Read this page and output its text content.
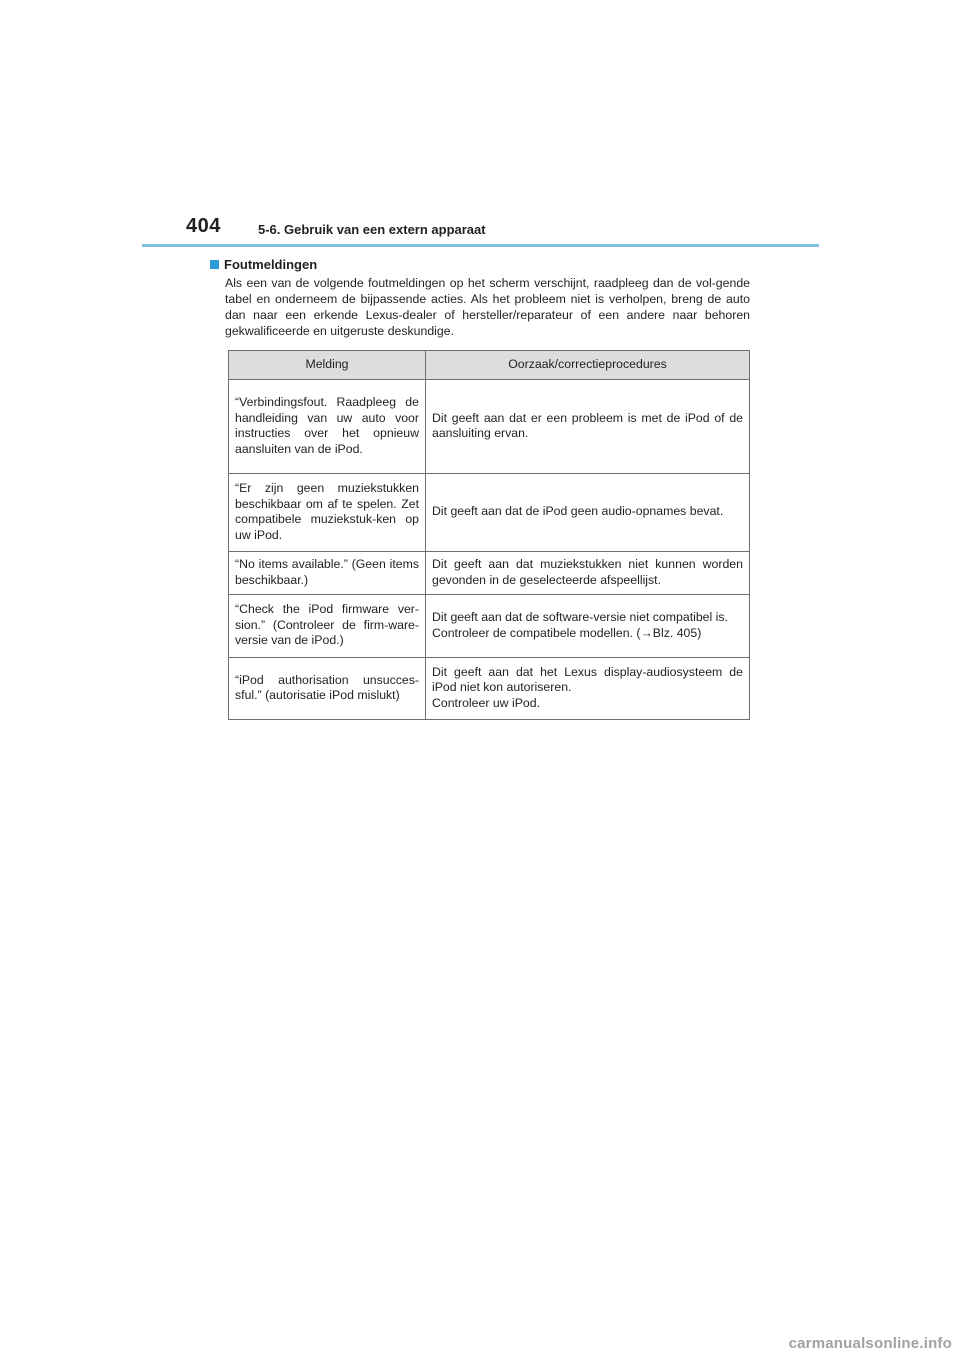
404	5-6. Gebruik van een extern apparaat
Foutmeldingen

Als een van de volgende foutmeldingen op het scherm verschijnt, raadpleeg dan de vol-gende tabel en onderneem de bijpassende acties. Als het probleem niet is verholpen, breng de auto dan naar een erkende Lexus-dealer of hersteller/reparateur of een andere naar behoren gekwalificeerde en uitgeruste deskundige.

Melding	Oorzaak/correctieprocedures
“Verbindingsfout. Raadpleeg de handleiding van uw auto voor instructies over het opnieuw aansluiten van de iPod.	Dit geeft aan dat er een probleem is met de iPod of de aansluiting ervan.

“Er zijn geen muziekstukken beschikbaar om af te spelen. Zet compatibele muziekstuk-ken op uw iPod.	Dit geeft aan dat de iPod geen audio-opnames bevat.

“No items available.” (Geen items beschikbaar.)	Dit geeft aan dat muziekstukken niet kunnen worden gevonden in de geselecteerde afspeellijst.

“Check the iPod firmware ver-sion.” (Controleer de firm-ware-versie van de iPod.)	Dit geeft aan dat de software-versie niet compatibel is.
Controleer de compatibele modellen. (→Blz. 405)

“iPod authorisation unsucces-sful.” (autorisatie iPod mislukt)	Dit geeft aan dat het Lexus display-audiosysteem de iPod niet kon autoriseren.
Controleer uw iPod.
carmanualsonline.info
